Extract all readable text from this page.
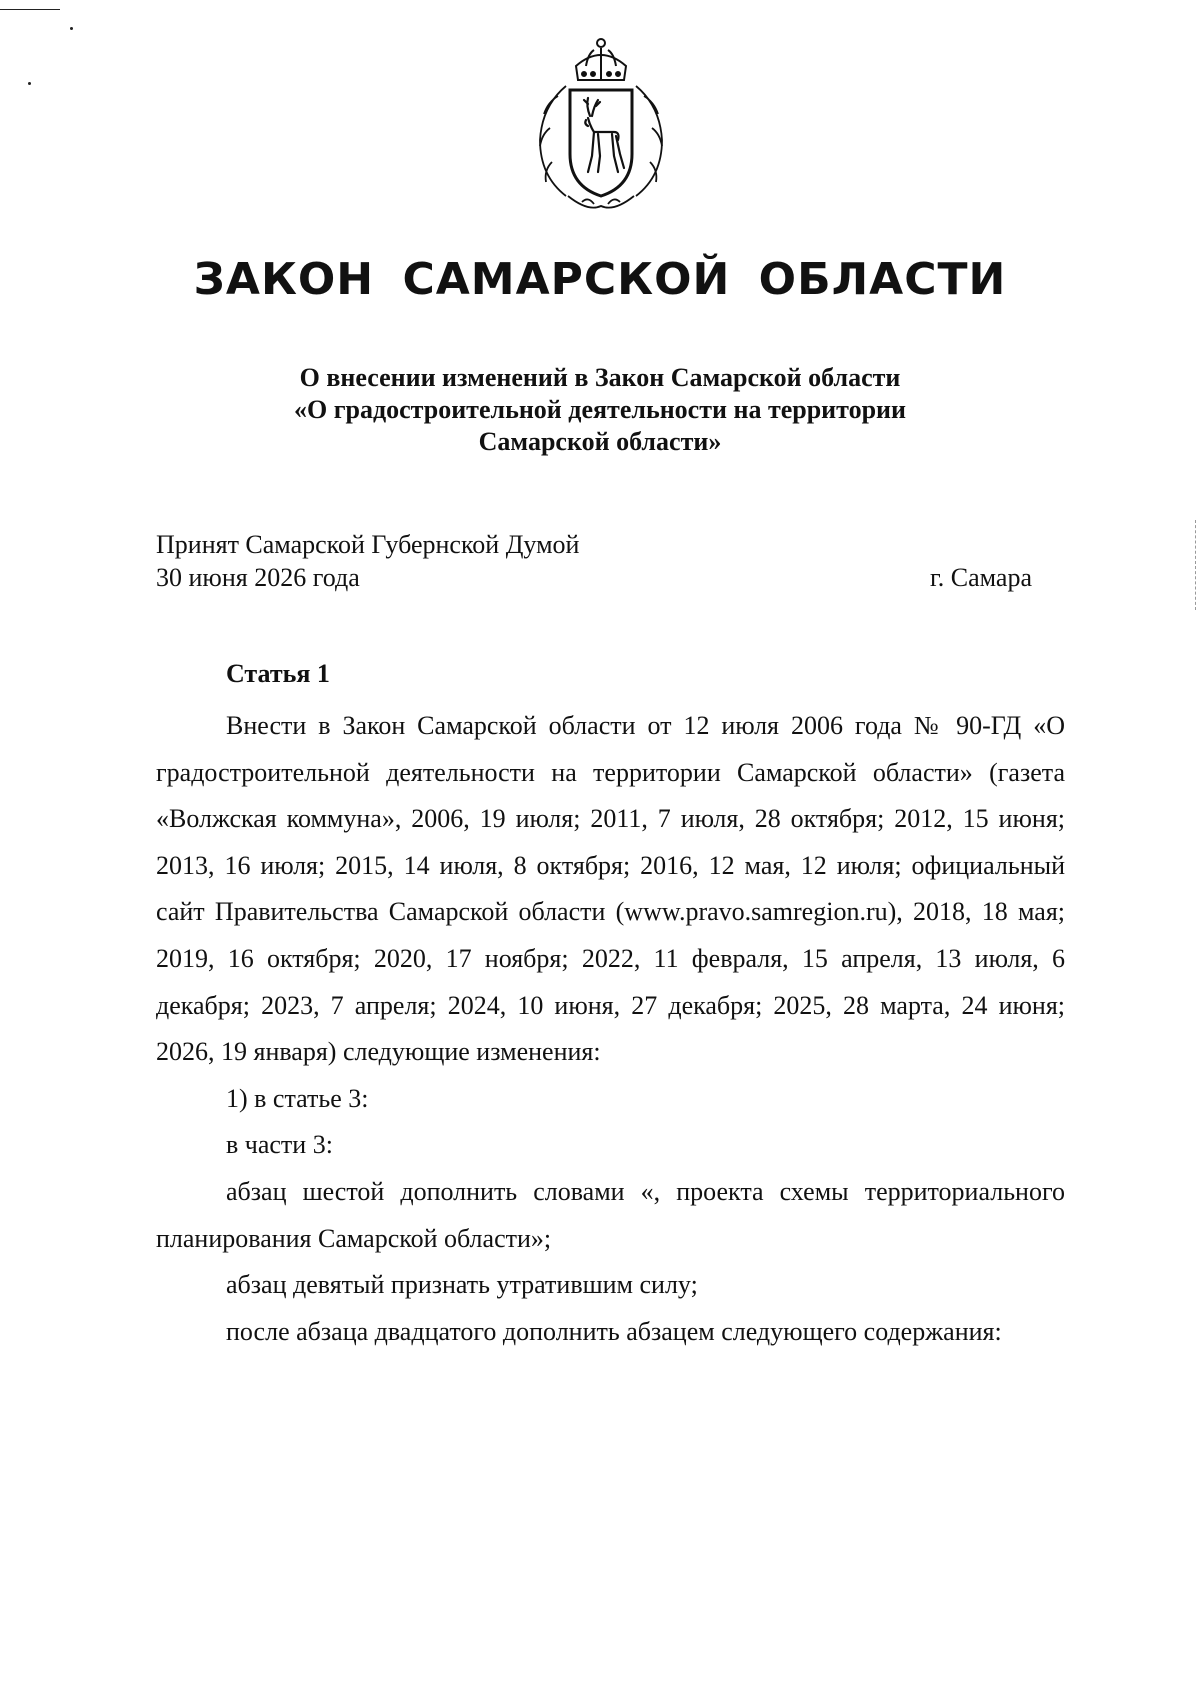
ЗАКОН САМАРСКОЙ ОБЛАСТИ
О внесении изменений в Закон Самарской области
«О градостроительной деятельности на территории
Самарской области»
Принят Самарской Губернской Думой
30 июня 2026 года	г. Самара
Статья 1

Внести в Закон Самарской области от 12 июля 2006 года № 90-ГД «О градостроительной деятельности на территории Самарской области» (газета «Волжская коммуна», 2006, 19 июля; 2011, 7 июля, 28 октября; 2012, 15 июня; 2013, 16 июля; 2015, 14 июля, 8 октября; 2016, 12 мая, 12 июля; официальный сайт Правительства Самарской области (www.pravo.samregion.ru), 2018, 18 мая; 2019, 16 октября; 2020, 17 ноября; 2022, 11 февраля, 15 апреля, 13 июля, 6 декабря; 2023, 7 апреля; 2024, 10 июня, 27 декабря; 2025, 28 марта, 24 июня; 2026, 19 января) следующие изменения:

1) в статье 3:

в части 3:

абзац шестой дополнить словами «, проекта схемы территориального планирования Самарской области»;

абзац девятый признать утратившим силу;

после абзаца двадцатого дополнить абзацем следующего содержания:
